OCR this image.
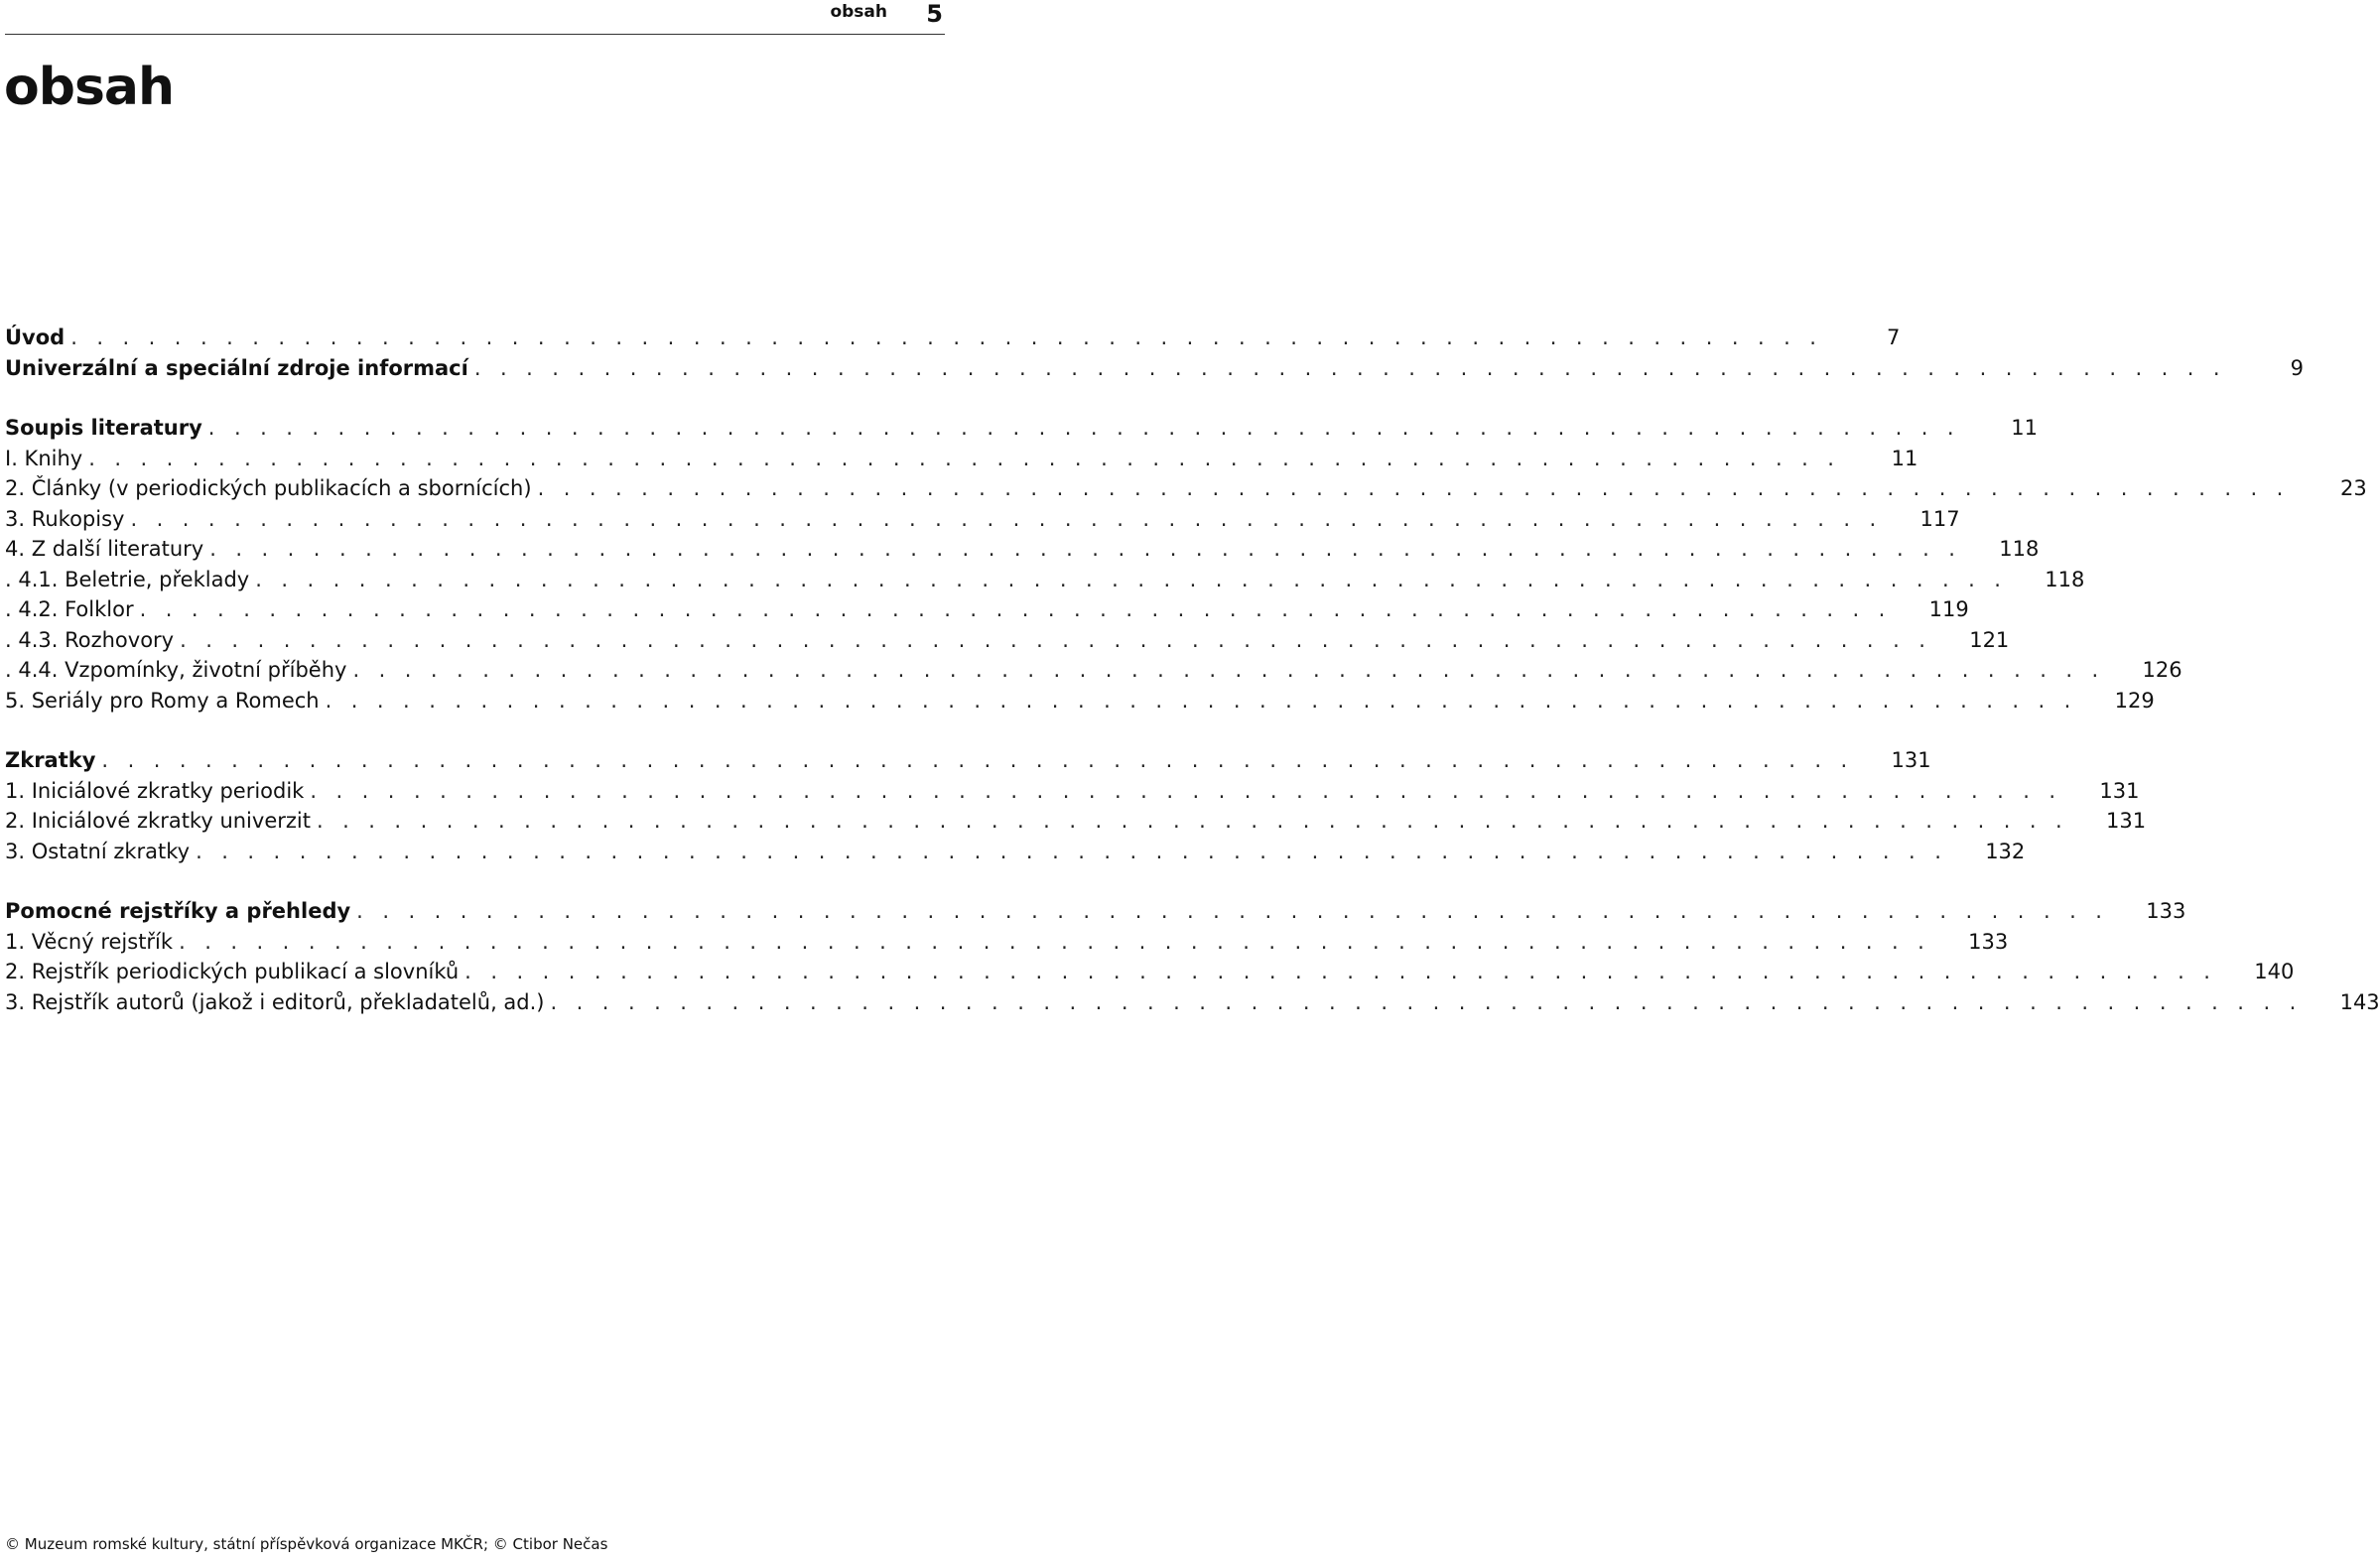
obsah 5
obsah
Úvod . . . . . . . . . . . . . . . . . . . . . . . . . . . . . . . . . . . . . . . . . . . . . . . . . . . . . . . . . . . . . . . . . . . .	7
Univerzální a speciální zdroje informací . . . . . . . . . . . . . . . . . . . . . . . . . . . . . . . . . . . . . . . . . . . . . . . . . . . . . . . . . . . . . . . . . . . .	9
Soupis literatury . . . . . . . . . . . . . . . . . . . . . . . . . . . . . . . . . . . . . . . . . . . . . . . . . . . . . . . . . . . . . . . . . . . .	11
I. Knihy . . . . . . . . . . . . . . . . . . . . . . . . . . . . . . . . . . . . . . . . . . . . . . . . . . . . . . . . . . . . . . . . . . . .	11
2. Články (v periodických publikacích a sbornících) . . . . . . . . . . . . . . . . . . . . . . . . . . . . . . . . . . . . . . . . . . . . . . . . . . . . . . . . . . . . . . . . . . . .	23
3. Rukopisy . . . . . . . . . . . . . . . . . . . . . . . . . . . . . . . . . . . . . . . . . . . . . . . . . . . . . . . . . . . . . . . . . . . .	117
4. Z další literatury . . . . . . . . . . . . . . . . . . . . . . . . . . . . . . . . . . . . . . . . . . . . . . . . . . . . . . . . . . . . . . . . . . . .	118
. 4.1. Beletrie, překlady . . . . . . . . . . . . . . . . . . . . . . . . . . . . . . . . . . . . . . . . . . . . . . . . . . . . . . . . . . . . . . . . . . . .	118
. 4.2. Folklor . . . . . . . . . . . . . . . . . . . . . . . . . . . . . . . . . . . . . . . . . . . . . . . . . . . . . . . . . . . . . . . . . . . .	119
. 4.3. Rozhovory . . . . . . . . . . . . . . . . . . . . . . . . . . . . . . . . . . . . . . . . . . . . . . . . . . . . . . . . . . . . . . . . . . . .	121
. 4.4. Vzpomínky, životní příběhy . . . . . . . . . . . . . . . . . . . . . . . . . . . . . . . . . . . . . . . . . . . . . . . . . . . . . . . . . . . . . . . . . . . .	126
5. Seriály pro Romy a Romech . . . . . . . . . . . . . . . . . . . . . . . . . . . . . . . . . . . . . . . . . . . . . . . . . . . . . . . . . . . . . . . . . . . .	129
Zkratky . . . . . . . . . . . . . . . . . . . . . . . . . . . . . . . . . . . . . . . . . . . . . . . . . . . . . . . . . . . . . . . . . . . .	131
1. Iniciálové zkratky periodik . . . . . . . . . . . . . . . . . . . . . . . . . . . . . . . . . . . . . . . . . . . . . . . . . . . . . . . . . . . . . . . . . . . .	131
2. Iniciálové zkratky univerzit . . . . . . . . . . . . . . . . . . . . . . . . . . . . . . . . . . . . . . . . . . . . . . . . . . . . . . . . . . . . . . . . . . . .	131
3. Ostatní zkratky . . . . . . . . . . . . . . . . . . . . . . . . . . . . . . . . . . . . . . . . . . . . . . . . . . . . . . . . . . . . . . . . . . . .	132
Pomocné rejstříky a přehledy . . . . . . . . . . . . . . . . . . . . . . . . . . . . . . . . . . . . . . . . . . . . . . . . . . . . . . . . . . . . . . . . . . . .	133
1. Věcný rejstřík . . . . . . . . . . . . . . . . . . . . . . . . . . . . . . . . . . . . . . . . . . . . . . . . . . . . . . . . . . . . . . . . . . . .	133
2. Rejstřík periodických publikací a slovníků . . . . . . . . . . . . . . . . . . . . . . . . . . . . . . . . . . . . . . . . . . . . . . . . . . . . . . . . . . . . . . . . . . . .	140
3. Rejstřík autorů (jakož i editorů, překladatelů, ad.) . . . . . . . . . . . . . . . . . . . . . . . . . . . . . . . . . . . . . . . . . . . . . . . . . . . . . . . . . . . . . . . . . . . .	143
© Muzeum romské kultury, státní příspěvková organizace MKČR; © Ctibor Nečas
